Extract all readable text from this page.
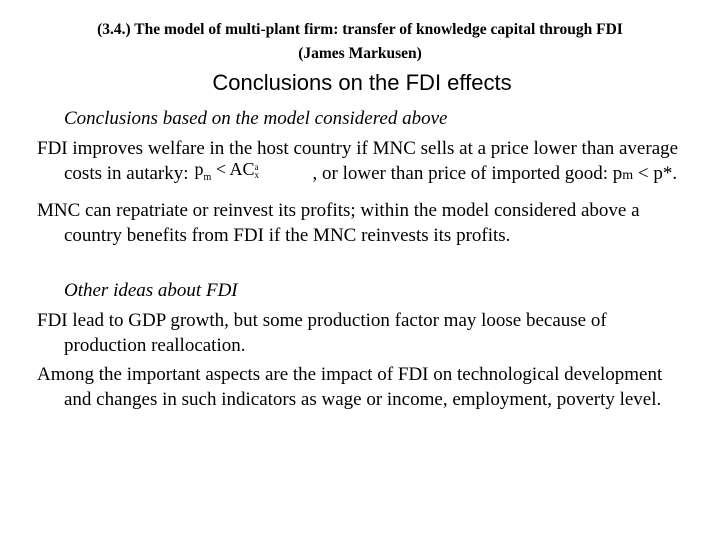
(3.4.) The model of multi-plant firm: transfer of knowledge capital through FDI
(James Markusen)
Conclusions on the FDI effects

Conclusions based on the model considered above

FDI improves welfare in the host country if MNC sells at a price lower than average costs in autarky: $p_m$ < AC a
x	, or lower than price of imported good: pm < p*.

MNC can repatriate or reinvest its profits; within the model considered above a country benefits from FDI if the MNC reinvests its profits.

Other ideas about FDI

FDI lead to GDP growth, but some production factor may loose because of production reallocation.

Among the important aspects are the impact of FDI on technological development and changes in such indicators as wage or income, employment, poverty level.
